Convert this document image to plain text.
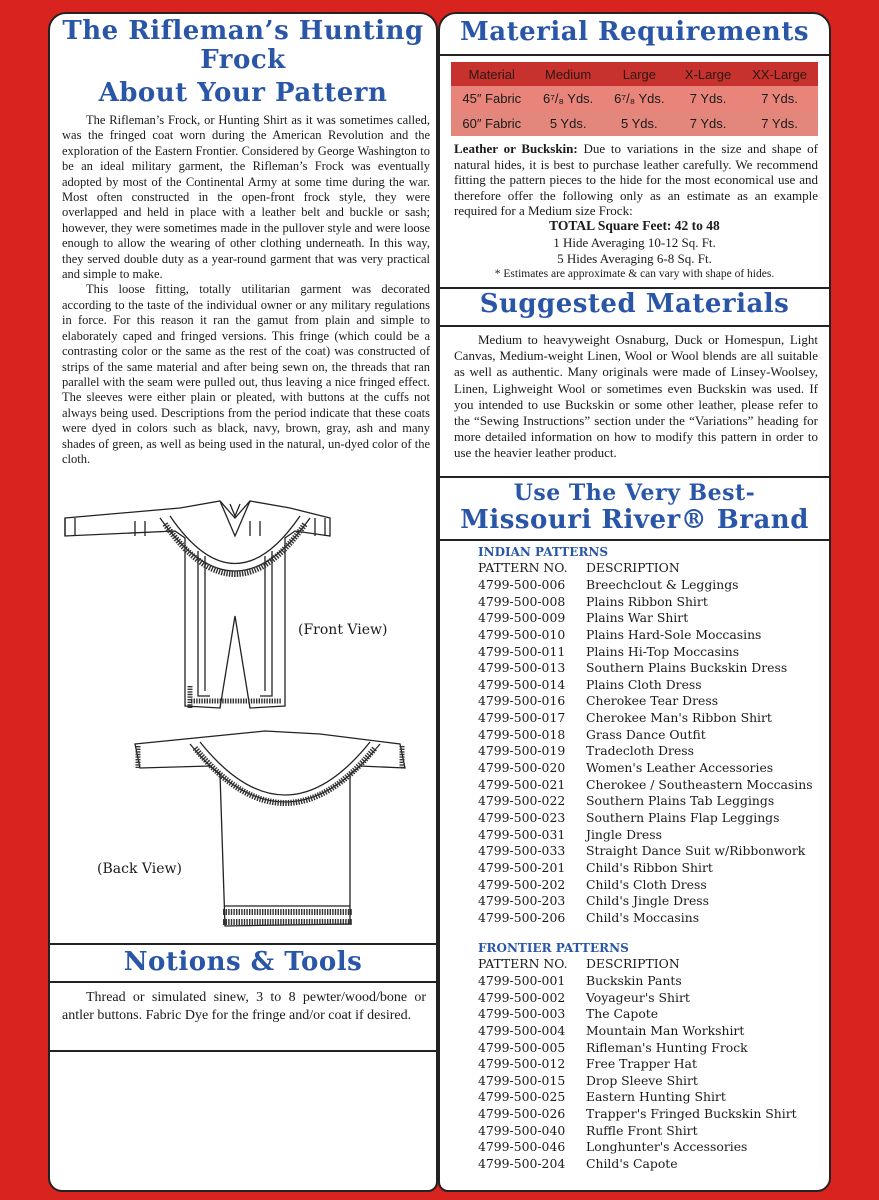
The Rifleman’s Hunting
Frock
About Your Pattern

The Rifleman’s Frock, or Hunting Shirt as it was sometimes called, was the fringed coat worn during the American Revolution and the exploration of the Eastern Frontier. Considered by George Washington to be an ideal military garment, the Rifleman’s Frock was eventually adopted by most of the Continental Army at some time during the war. Most often constructed in the open-front frock style, they were overlapped and held in place with a leather belt and buckle or sash; however, they were sometimes made in the pullover style and were loose enough to allow the wearing of other clothing underneath. In this way, they served double duty as a year-round garment that was very practical and simple to make.

This loose fitting, totally utilitarian garment was decorated according to the taste of the individual owner or any military regulations in force. For this reason it ran the gamut from plain and simple to elaborately caped and fringed versions. This fringe (which could be a contrasting color or the same as the rest of the coat) was constructed of strips of the same material and after being sewn on, the threads that ran parallel with the seam were pulled out, thus leaving a nice fringed effect. The sleeves were either plain or pleated, with buttons at the cuffs not always being used. Descriptions from the period indicate that these coats were dyed in colors such as black, navy, brown, gray, ash and many shades of green, as well as being used in the natural, un-dyed color of the cloth.

(Front View)
(Back View)
Notions & Tools

Thread or simulated sinew, 3 to 8 pewter/wood/bone or antler buttons. Fabric Dye for the fringe and/or coat if desired.

Material Requirements
Material	Medium	Large	X-Large	XX-Large
45″ Fabric	6⁷/₈ Yds.	6⁷/₈ Yds.	7 Yds.	7 Yds.
60″ Fabric	5 Yds.	5 Yds.	7 Yds.	7 Yds.
Leather or Buckskin: Due to variations in the size and shape of natural hides, it is best to purchase leather carefully. We recommend fitting the pattern pieces to the hide for the most economical use and therefore offer the following only as an estimate as an example required for a Medium size Frock:
TOTAL Square Feet: 42 to 48
1 Hide Averaging 10-12 Sq. Ft.
5 Hides Averaging 6-8 Sq. Ft.
* Estimates are approximate & can vary with shape of hides.
Suggested Materials

Medium to heavyweight Osnaburg, Duck or Homespun, Light Canvas, Medium-weight Linen, Wool or Wool blends are all suitable as well as authentic. Many originals were made of Linsey-Woolsey, Linen, Lighweight Wool or sometimes even Buckskin was used. If you intended to use Buckskin or some other leather, please refer to the “Sewing Instructions” section under the “Variations” heading for more detailed information on how to modify this pattern in order to use the heavier leather product.

Use The Very Best-
Missouri River® Brand
INDIAN PATTERNS
PATTERN NO. DESCRIPTION
4799-500-006 Breechclout & Leggings
4799-500-008 Plains Ribbon Shirt
4799-500-009 Plains War Shirt
4799-500-010 Plains Hard-Sole Moccasins
4799-500-011 Plains Hi-Top Moccasins
4799-500-013 Southern Plains Buckskin Dress
4799-500-014 Plains Cloth Dress
4799-500-016 Cherokee Tear Dress
4799-500-017 Cherokee Man's Ribbon Shirt
4799-500-018 Grass Dance Outfit
4799-500-019 Tradecloth Dress
4799-500-020 Women's Leather Accessories
4799-500-021 Cherokee / Southeastern Moccasins
4799-500-022 Southern Plains Tab Leggings
4799-500-023 Southern Plains Flap Leggings
4799-500-031 Jingle Dress
4799-500-033 Straight Dance Suit w/Ribbonwork
4799-500-201 Child's Ribbon Shirt
4799-500-202 Child's Cloth Dress
4799-500-203 Child's Jingle Dress
4799-500-206 Child's Moccasins
FRONTIER PATTERNS
PATTERN NO. DESCRIPTION
4799-500-001 Buckskin Pants
4799-500-002 Voyageur's Shirt
4799-500-003 The Capote
4799-500-004 Mountain Man Workshirt
4799-500-005 Rifleman's Hunting Frock
4799-500-012 Free Trapper Hat
4799-500-015 Drop Sleeve Shirt
4799-500-025 Eastern Hunting Shirt
4799-500-026 Trapper's Fringed Buckskin Shirt
4799-500-040 Ruffle Front Shirt
4799-500-046 Longhunter's Accessories
4799-500-204 Child's Capote
